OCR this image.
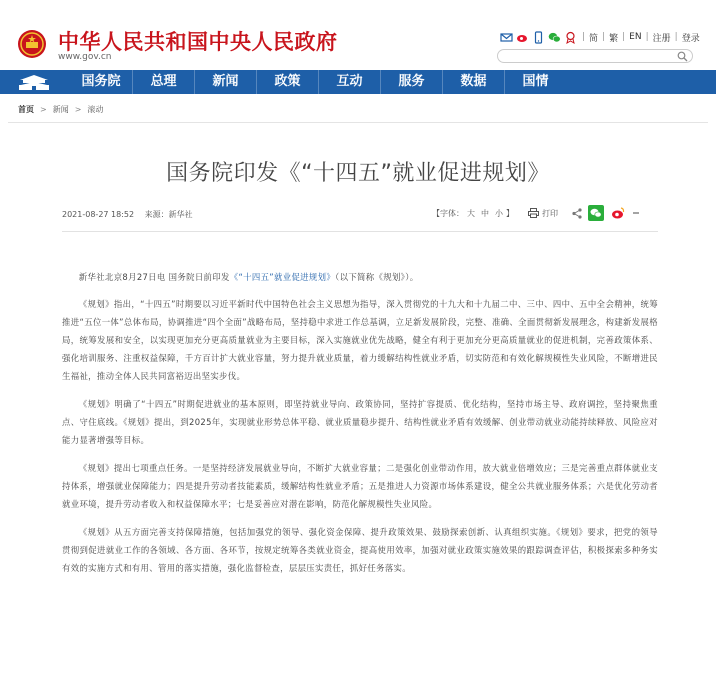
中华人民共和国中央人民政府
www.gov.cn
| 简 | 繁 | EN | 注册 | 登录
国务院	总理	新闻	政策	互动	服务	数据	国情
首页 > 新闻 > 滚动
国务院印发《“十四五”就业促进规划》
2021-08-27 18:52 来源：新华社	【字体： 大 中 小 】	打印

新华社北京8月27日电 国务院日前印发《“十四五”就业促进规划》（以下简称《规划》）。

《规划》指出，“十四五”时期要以习近平新时代中国特色社会主义思想为指导，深入贯彻党的十九大和十九届二中、三中、四中、五中全会精神，统筹推进“五位一体”总体布局，协调推进“四个全面”战略布局，坚持稳中求进工作总基调，立足新发展阶段，完整、准确、全面贯彻新发展理念，构建新发展格局，统筹发展和安全，以实现更加充分更高质量就业为主要目标，深入实施就业优先战略，健全有利于更加充分更高质量就业的促进机制，完善政策体系、强化培训服务、注重权益保障，千方百计扩大就业容量，努力提升就业质量，着力缓解结构性就业矛盾，切实防范和有效化解规模性失业风险，不断增进民生福祉，推动全体人民共同富裕迈出坚实步伐。

《规划》明确了“十四五”时期促进就业的基本原则，即坚持就业导向、政策协同，坚持扩容提质、优化结构，坚持市场主导、政府调控，坚持聚焦重点、守住底线。《规划》提出，到2025年，实现就业形势总体平稳、就业质量稳步提升、结构性就业矛盾有效缓解、创业带动就业动能持续释放、风险应对能力显著增强等目标。

《规划》提出七项重点任务。一是坚持经济发展就业导向，不断扩大就业容量；二是强化创业带动作用，放大就业倍增效应；三是完善重点群体就业支持体系，增强就业保障能力；四是提升劳动者技能素质，缓解结构性就业矛盾；五是推进人力资源市场体系建设，健全公共就业服务体系；六是优化劳动者就业环境，提升劳动者收入和权益保障水平；七是妥善应对潜在影响，防范化解规模性失业风险。

《规划》从五方面完善支持保障措施，包括加强党的领导、强化资金保障、提升政策效果、鼓励探索创新、认真组织实施。《规划》要求，把党的领导贯彻到促进就业工作的各领域、各方面、各环节，按规定统筹各类就业资金，提高使用效率，加强对就业政策实施效果的跟踪调查评估，积极探索多种务实有效的实施方式和有用、管用的落实措施，强化监督检查，层层压实责任，抓好任务落实。
